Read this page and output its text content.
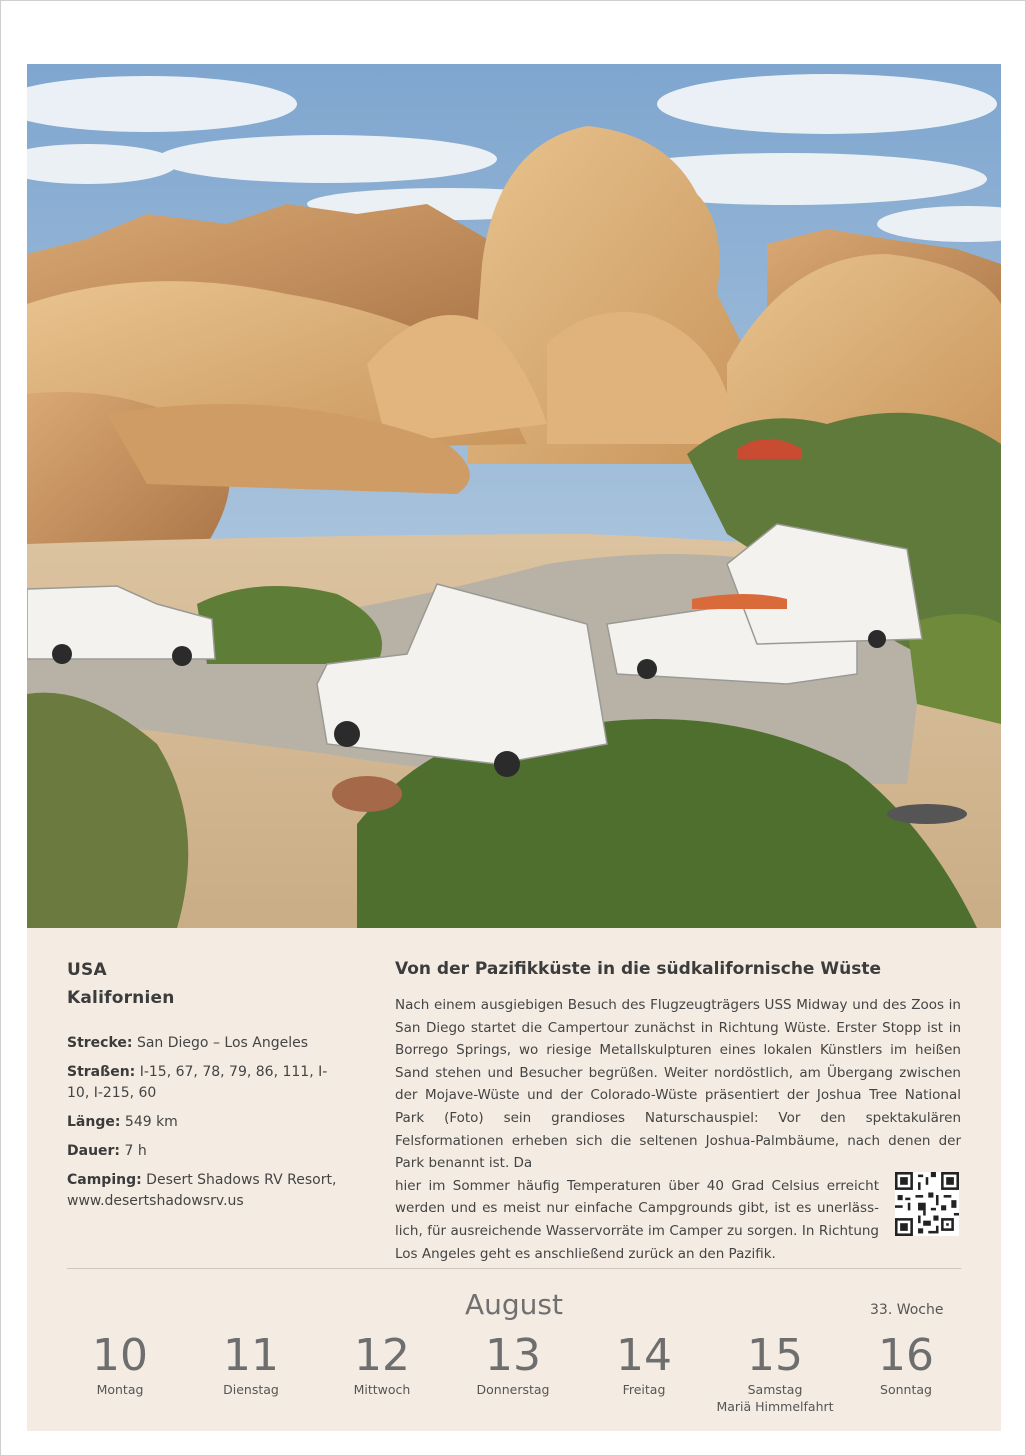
USA
Kalifornien
Strecke: San Diego – Los Angeles
Straßen: I-15, 67, 78, 79, 86, 111, I-10, I-215, 60
Länge: 549 km
Dauer: 7 h
Camping: Desert Shadows RV Resort, www.desertshadowsrv.us
Von der Pazifikküste in die südkalifornische Wüste
Nach einem ausgiebigen Besuch des Flugzeugträgers USS Midway und des Zoos in San Diego startet die Campertour zunächst in Richtung Wüste. Erster Stopp ist in Borrego Springs, wo riesige Metallskulpturen eines lokalen Künstlers im heißen Sand stehen und Besucher begrüßen. Weiter nordöstlich, am Übergang zwischen der Mojave-Wüste und der Colorado-Wüste präsentiert der Joshua Tree National Park (Foto) sein grandioses Naturschauspiel: Vor den spektakulären Felsformationen erheben sich die seltenen Joshua-Palmbäume, nach denen der Park benannt ist. Da
hier im Sommer häufig Temperaturen über 40 Grad Celsius erreicht werden und es meist nur einfache Campgrounds gibt, ist es unerläss-lich, für ausreichende Wasservorräte im Camper zu sorgen. In Richtung Los Angeles geht es anschließend zurück an den Pazifik.
August	33. Woche
10
Montag
11
Dienstag
12
Mittwoch
13
Donnerstag
14
Freitag
15
Samstag
Mariä Himmelfahrt
16
Sonntag
